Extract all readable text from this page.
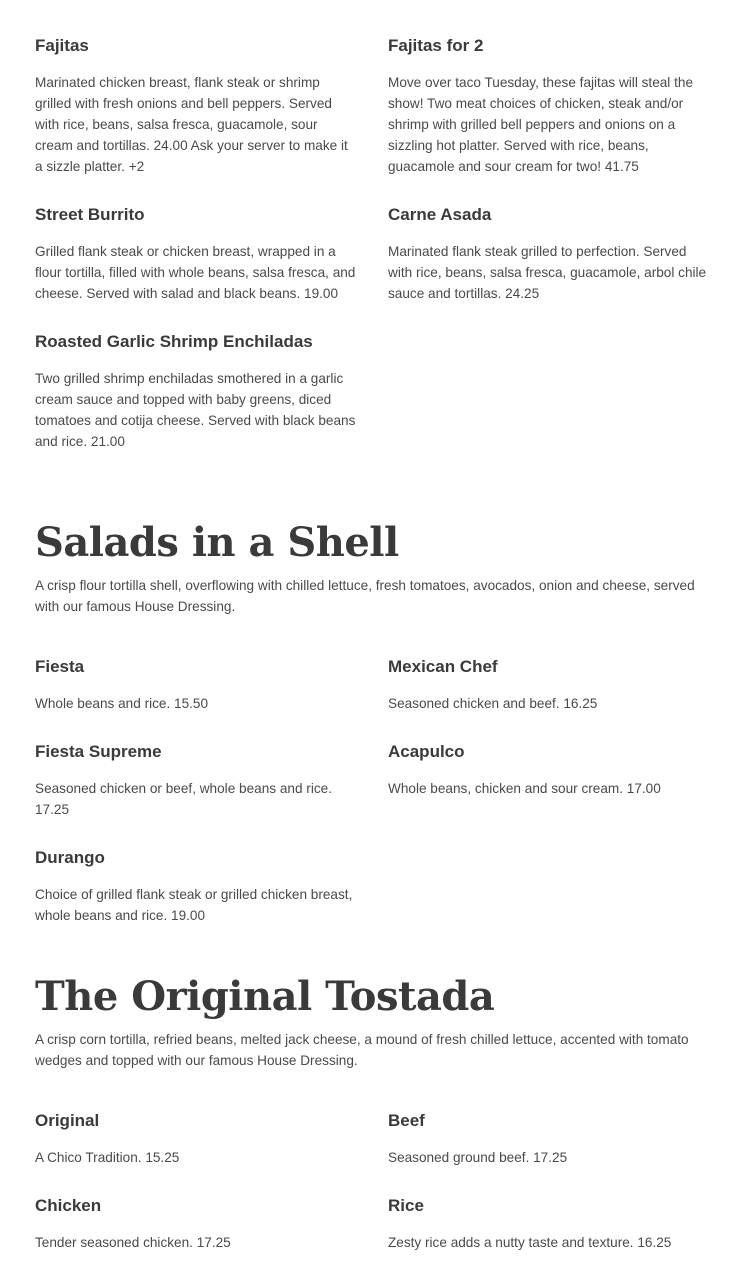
Fajitas

Marinated chicken breast, flank steak or shrimp grilled with fresh onions and bell peppers. Served with rice, beans, salsa fresca, guacamole, sour cream and tortillas. 24.00 Ask your server to make it a sizzle platter. +2

Fajitas for 2

Move over taco Tuesday, these fajitas will steal the show! Two meat choices of chicken, steak and/or shrimp with grilled bell peppers and onions on a sizzling hot platter. Served with rice, beans, guacamole and sour cream for two! 41.75

Street Burrito

Grilled flank steak or chicken breast, wrapped in a flour tortilla, filled with whole beans, salsa fresca, and cheese. Served with salad and black beans. 19.00

Carne Asada

Marinated flank steak grilled to perfection. Served with rice, beans, salsa fresca, guacamole, arbol chile sauce and tortillas. 24.25

Roasted Garlic Shrimp Enchiladas

Two grilled shrimp enchiladas smothered in a garlic cream sauce and topped with baby greens, diced tomatoes and cotija cheese. Served with black beans and rice. 21.00

Salads in a Shell

A crisp flour tortilla shell, overflowing with chilled lettuce, fresh tomatoes, avocados, onion and cheese, served with our famous House Dressing.

Fiesta

Whole beans and rice. 15.50

Mexican Chef

Seasoned chicken and beef. 16.25

Fiesta Supreme

Seasoned chicken or beef, whole beans and rice. 17.25

Acapulco

Whole beans, chicken and sour cream. 17.00

Durango

Choice of grilled flank steak or grilled chicken breast, whole beans and rice. 19.00

The Original Tostada

A crisp corn tortilla, refried beans, melted jack cheese, a mound of fresh chilled lettuce, accented with tomato wedges and topped with our famous House Dressing.

Original

A Chico Tradition. 15.25

Beef

Seasoned ground beef. 17.25

Chicken

Tender seasoned chicken. 17.25

Rice

Zesty rice adds a nutty taste and texture. 16.25
